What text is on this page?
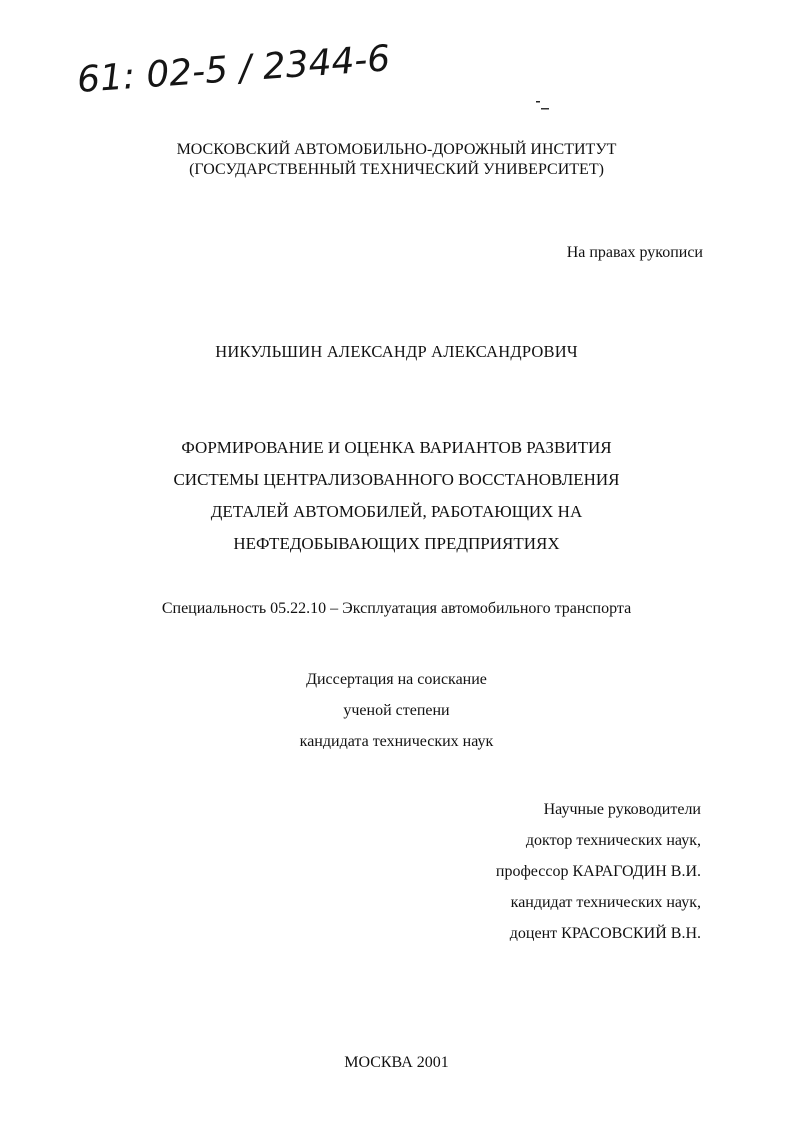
61: 02-5 / 2344-6
МОСКОВСКИЙ АВТОМОБИЛЬНО-ДОРОЖНЫЙ ИНСТИТУТ
(ГОСУДАРСТВЕННЫЙ ТЕХНИЧЕСКИЙ УНИВЕРСИТЕТ)
На правах рукописи
НИКУЛЬШИН АЛЕКСАНДР АЛЕКСАНДРОВИЧ
ФОРМИРОВАНИЕ И ОЦЕНКА ВАРИАНТОВ РАЗВИТИЯ
СИСТЕМЫ ЦЕНТРАЛИЗОВАННОГО ВОССТАНОВЛЕНИЯ
ДЕТАЛЕЙ АВТОМОБИЛЕЙ, РАБОТАЮЩИХ НА
НЕФТЕДОБЫВАЮЩИХ ПРЕДПРИЯТИЯХ
Специальность 05.22.10 – Эксплуатация автомобильного транспорта
Диссертация на соискание
ученой степени
кандидата технических наук
Научные руководители
доктор технических наук,
профессор КАРАГОДИН В.И.
кандидат технических наук,
доцент КРАСОВСКИЙ В.Н.
МОСКВА 2001
